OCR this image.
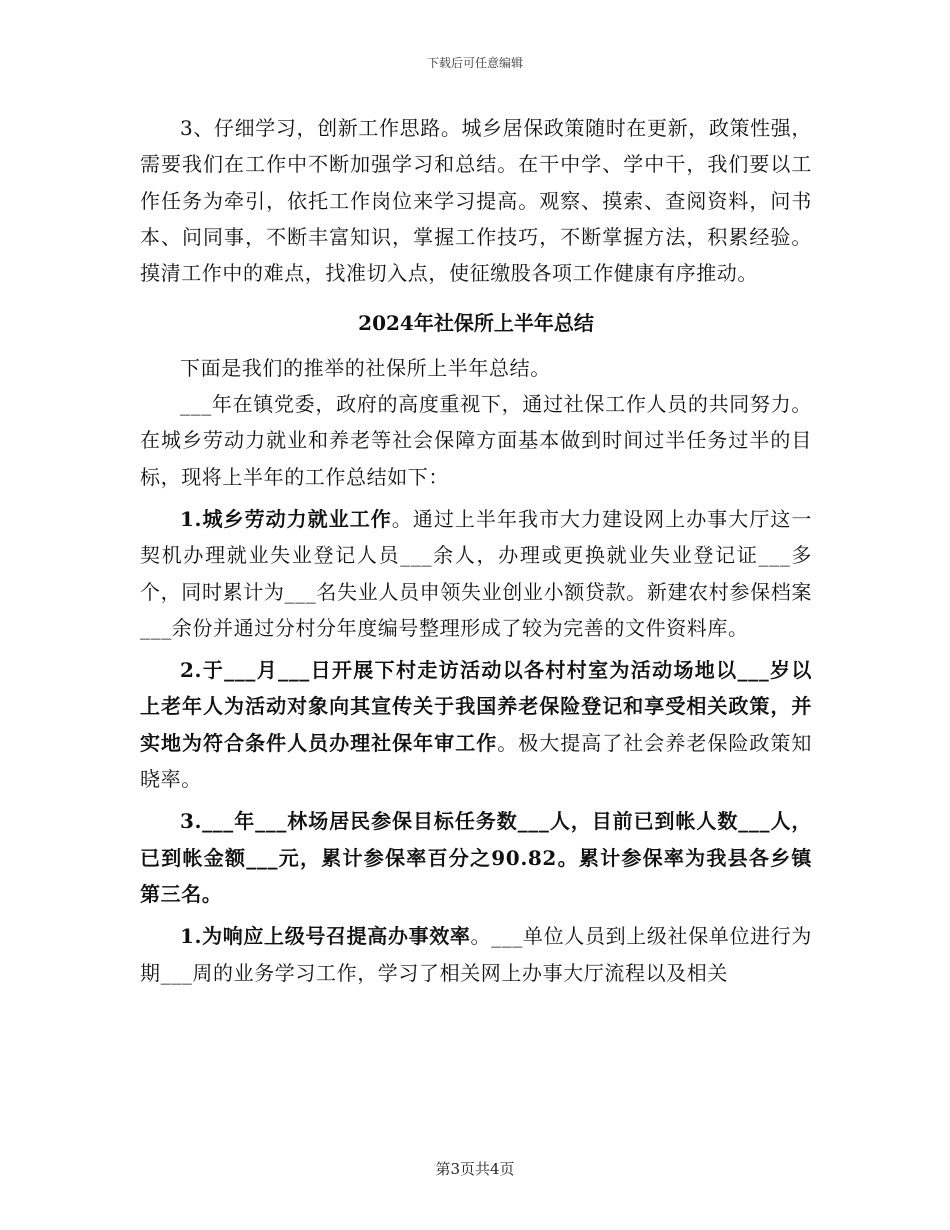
下载后可任意编辑

3、仔细学习，创新工作思路。城乡居保政策随时在更新，政策性强，需要我们在工作中不断加强学习和总结。在干中学、学中干，我们要以工作任务为牵引，依托工作岗位来学习提高。观察、摸索、查阅资料，问书本、问同事，不断丰富知识，掌握工作技巧，不断掌握方法，积累经验。摸清工作中的难点，找准切入点，使征缴股各项工作健康有序推动。

2024年社保所上半年总结

下面是我们的推举的社保所上半年总结。

___年在镇党委，政府的高度重视下，通过社保工作人员的共同努力。在城乡劳动力就业和养老等社会保障方面基本做到时间过半任务过半的目标，现将上半年的工作总结如下：

1.城乡劳动力就业工作。通过上半年我市大力建设网上办事大厅这一契机办理就业失业登记人员___余人，办理或更换就业失业登记证___多个，同时累计为___名失业人员申领失业创业小额贷款。新建农村参保档案___余份并通过分村分年度编号整理形成了较为完善的文件资料库。

2.于___月___日开展下村走访活动以各村村室为活动场地以___岁以上老年人为活动对象向其宣传关于我国养老保险登记和享受相关政策，并实地为符合条件人员办理社保年审工作。极大提高了社会养老保险政策知晓率。

3.___年___林场居民参保目标任务数___人，目前已到帐人数___人，已到帐金额___元，累计参保率百分之90.82。累计参保率为我县各乡镇第三名。

1.为响应上级号召提高办事效率。___单位人员到上级社保单位进行为期___周的业务学习工作，学习了相关网上办事大厅流程以及相关

第3页共4页
